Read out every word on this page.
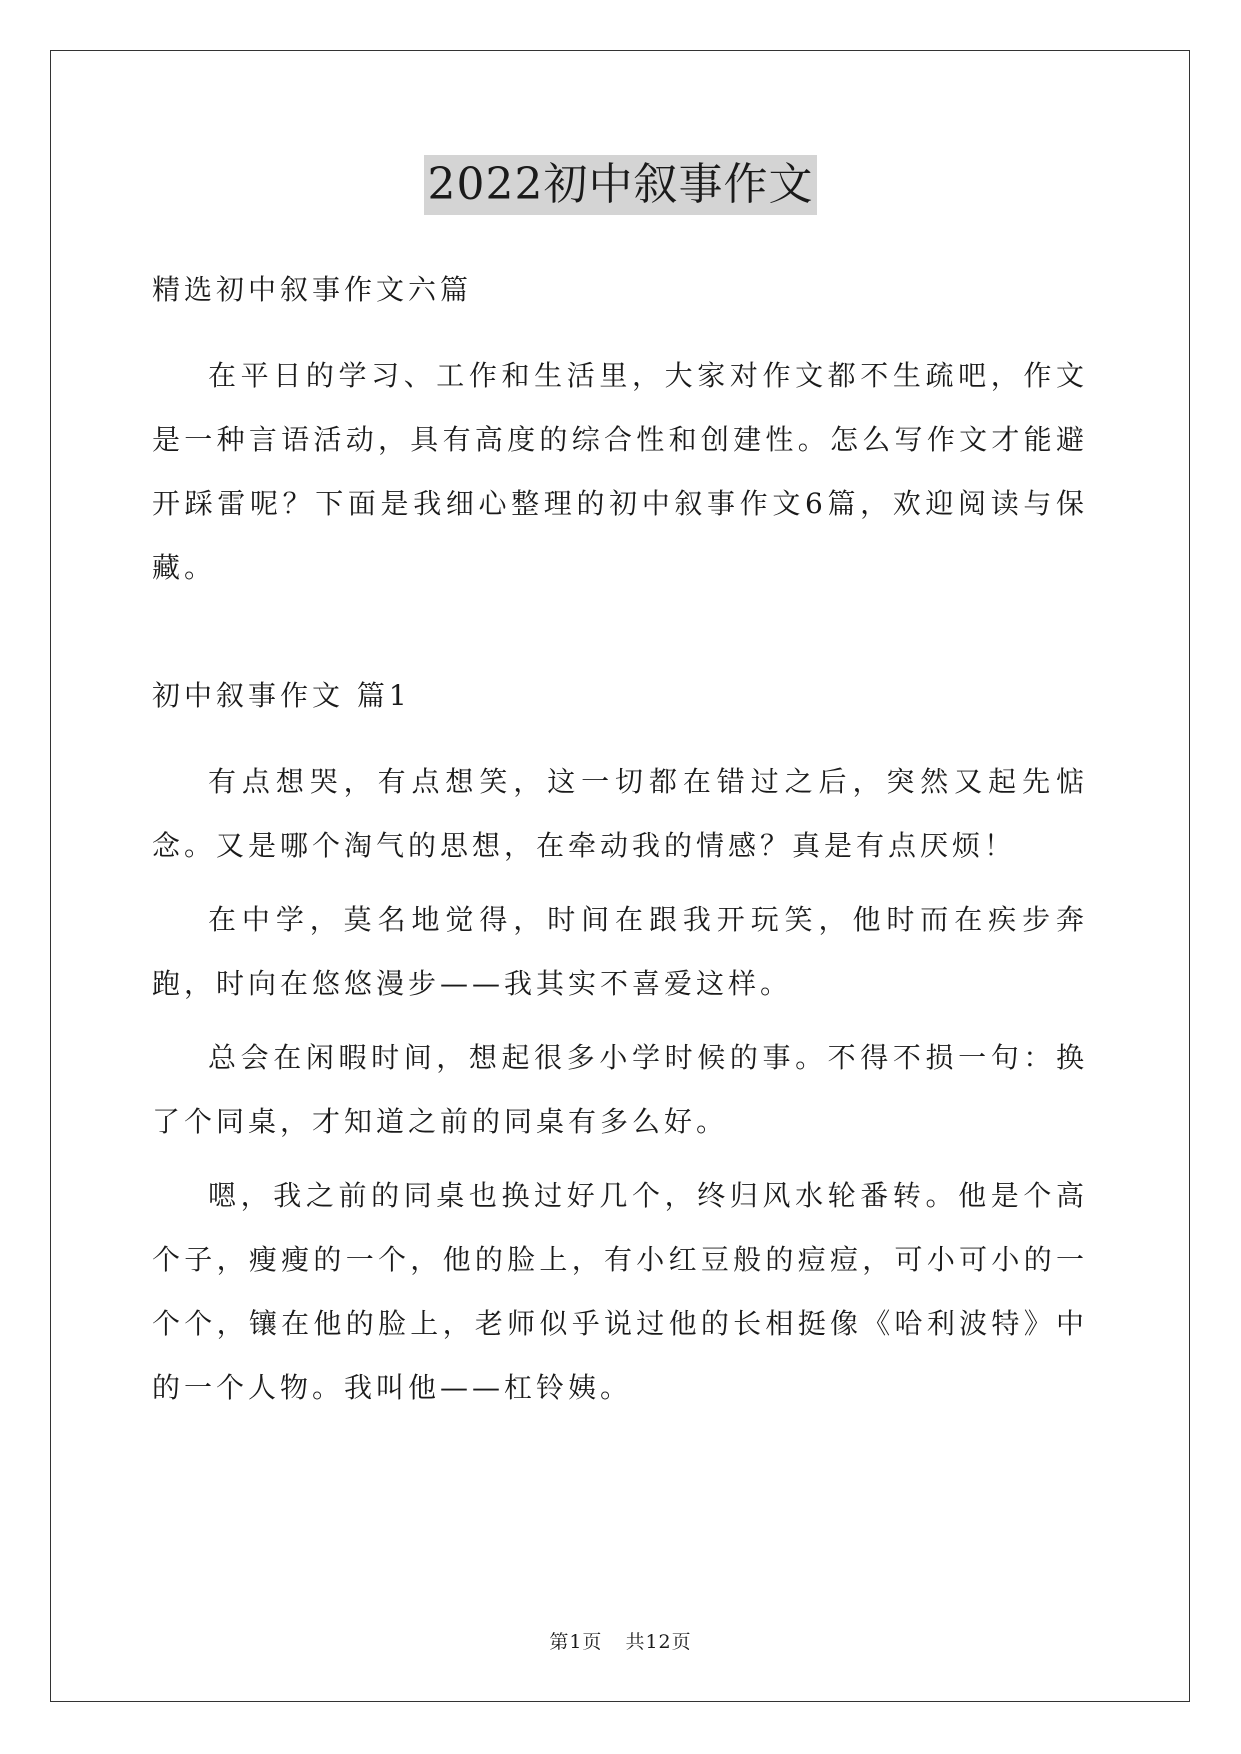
2022初中叙事作文

精选初中叙事作文六篇

在平日的学习、工作和生活里，大家对作文都不生疏吧，作文是一种言语活动，具有高度的综合性和创建性。怎么写作文才能避开踩雷呢？下面是我细心整理的初中叙事作文6篇，欢迎阅读与保藏。

初中叙事作文 篇1

有点想哭，有点想笑，这一切都在错过之后，突然又起先惦念。又是哪个淘气的思想，在牵动我的情感？真是有点厌烦！

在中学，莫名地觉得，时间在跟我开玩笑，他时而在疾步奔跑，时向在悠悠漫步——我其实不喜爱这样。

总会在闲暇时间，想起很多小学时候的事。不得不损一句：换了个同桌，才知道之前的同桌有多么好。

嗯，我之前的同桌也换过好几个，终归风水轮番转。他是个高个子，瘦瘦的一个，他的脸上，有小红豆般的痘痘，可小可小的一个个，镶在他的脸上，老师似乎说过他的长相挺像《哈利波特》中的一个人物。我叫他——杠铃姨。

第1页 共12页
